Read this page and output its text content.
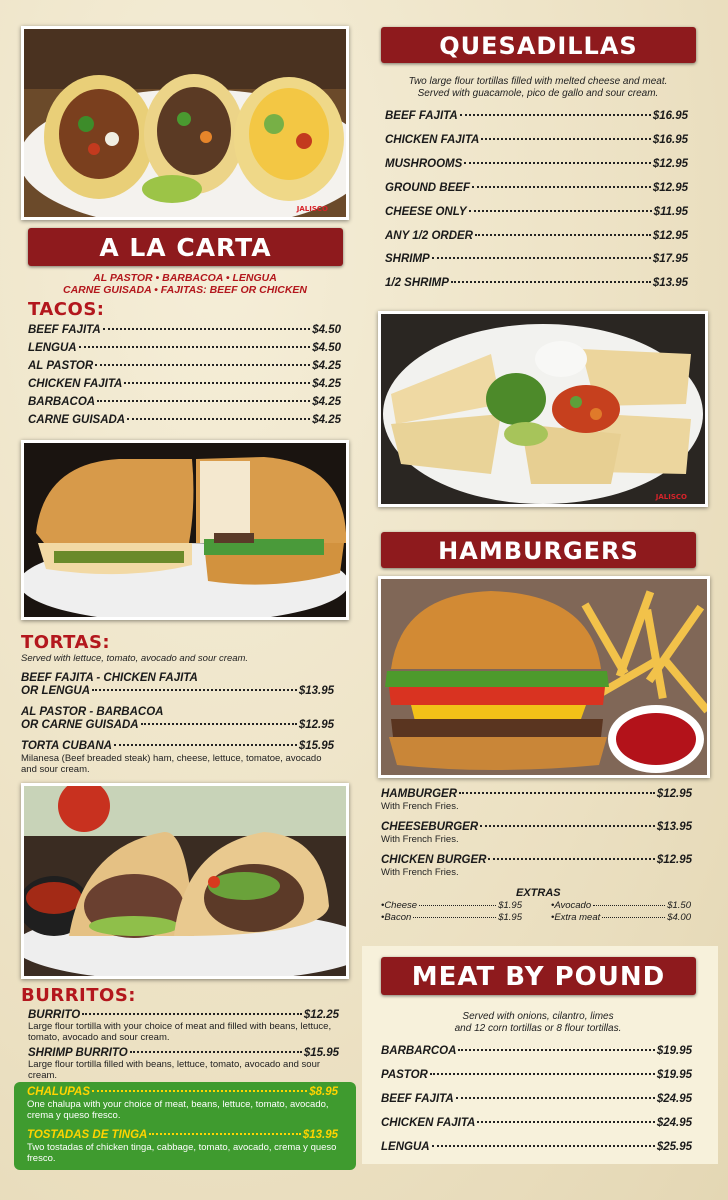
JALISCO
A LA CARTA
AL PASTOR • BARBACOA • LENGUA
CARNE GUISADA • FAJITAS: BEEF OR CHICKEN
TACOS:
BEEF FAJITA	$4.50
LENGUA	$4.50
AL PASTOR	$4.25
CHICKEN FAJITA	$4.25
BARBACOA	$4.25
CARNE GUISADA	$4.25
TORTAS:
Served with lettuce, tomato, avocado and sour cream.
BEEF FAJITA - CHICKEN FAJITA
OR LENGUA	$13.95
AL PASTOR - BARBACOA
OR CARNE GUISADA	$12.95
TORTA CUBANA	$15.95
Milanesa (Beef breaded steak) ham, cheese, lettuce, tomatoe, avocado and sour cream.
BURRITOS:
BURRITO	$12.25
Large flour tortilla with your choice of meat and filled with beans, lettuce, tomato, avocado and sour cream.
SHRIMP BURRITO	$15.95
Large flour tortilla filled with beans, lettuce, tomato, avocado and sour cream.
CHALUPAS	$8.95
One chalupa with your choice of meat, beans, lettuce, tomato, avocado, crema y queso fresco.
TOSTADAS DE TINGA	$13.95
Two tostadas of chicken tinga, cabbage, tomato, avocado, crema y queso fresco.
QUESADILLAS
Two large flour tortillas filled with melted cheese and meat.
Served with guacamole, pico de gallo and sour cream.
BEEF FAJITA	$16.95
CHICKEN FAJITA	$16.95
MUSHROOMS	$12.95
GROUND BEEF	$12.95
CHEESE ONLY	$11.95
ANY 1/2 ORDER	$12.95
SHRIMP	$17.95
1/2 SHRIMP	$13.95
JALISCO
HAMBURGERS
HAMBURGER	$12.95
With French Fries.
CHEESEBURGER	$13.95
With French Fries.
CHICKEN BURGER	$12.95
With French Fries.
EXTRAS
•Cheese	$1.95	•Avocado	$1.50
•Bacon	$1.95	•Extra meat	$4.00
MEAT BY POUND
Served with onions, cilantro, limes
and 12 corn tortillas or 8 flour tortillas.
BARBARCOA	$19.95
PASTOR	$19.95
BEEF FAJITA	$24.95
CHICKEN FAJITA	$24.95
LENGUA	$25.95
